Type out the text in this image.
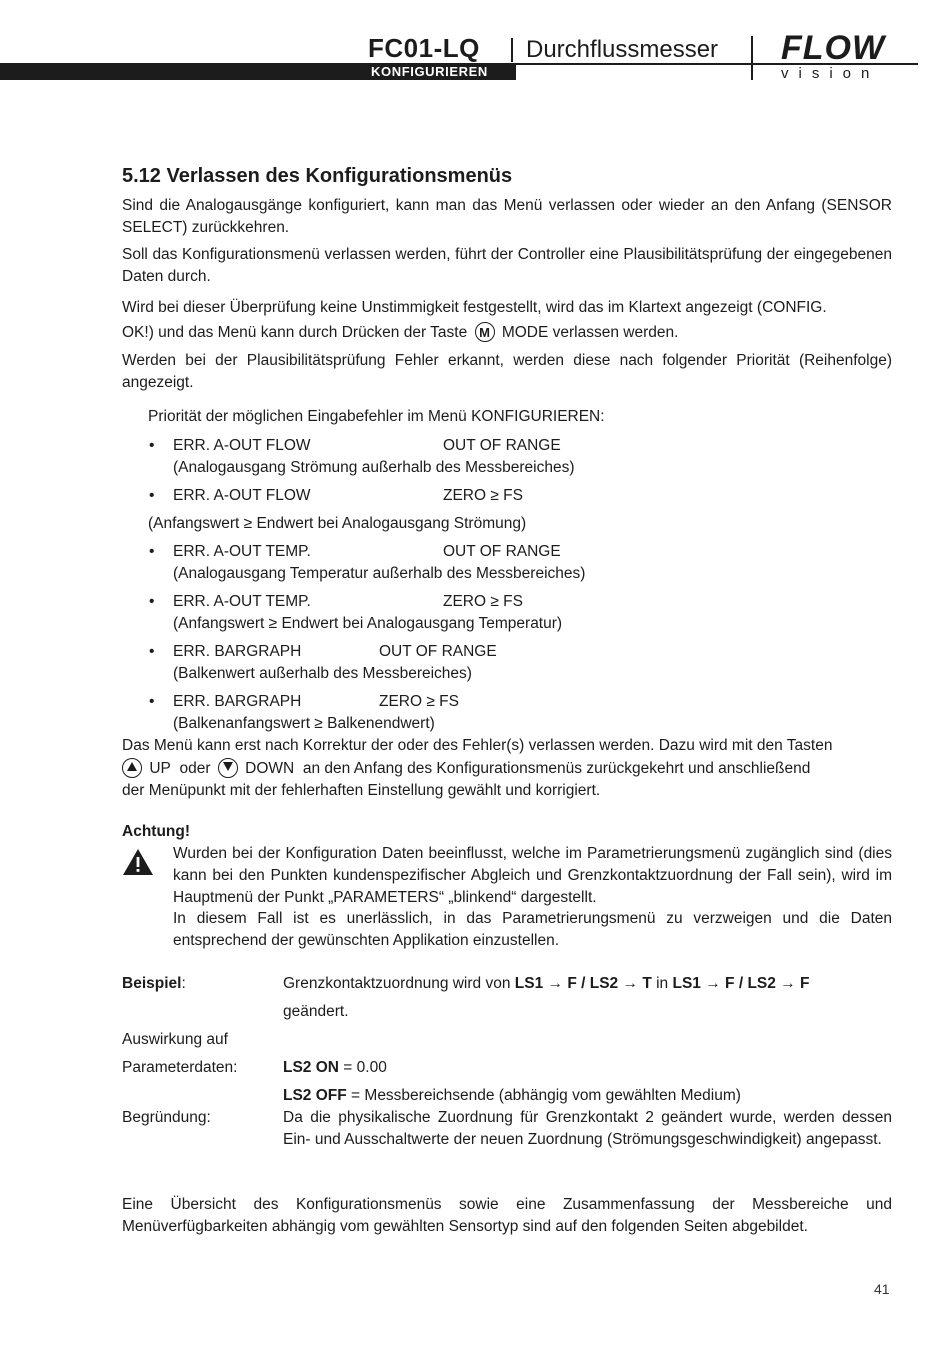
FC01-LQ Durchflussmesser
KONFIGURIEREN
FLOW
vision
5.12 Verlassen des Konfigurationsmenüs
Sind die Analogausgänge konfiguriert, kann man das Menü verlassen oder wieder an den Anfang (SENSOR SELECT) zurückkehren.
Soll das Konfigurationsmenü verlassen werden, führt der Controller eine Plausibilitätsprüfung der eingegebenen Daten durch.
Wird bei dieser Überprüfung keine Unstimmigkeit festgestellt, wird das im Klartext angezeigt (CONFIG.
OK!) und das Menü kann durch Drücken der Taste M MODE verlassen werden.
Werden bei der Plausibilitätsprüfung Fehler erkannt, werden diese nach folgender Priorität (Reihenfolge) angezeigt.
Priorität der möglichen Eingabefehler im Menü KONFIGURIEREN:
• ERR. A-OUT FLOW	OUT OF RANGE
(Analogausgang Strömung außerhalb des Messbereiches)
• ERR. A-OUT FLOW	ZERO ≥ FS
(Anfangswert ≥ Endwert bei Analogausgang Strömung)
• ERR. A-OUT TEMP.	OUT OF RANGE
(Analogausgang Temperatur außerhalb des Messbereiches)
• ERR. A-OUT TEMP.	ZERO ≥ FS
(Anfangswert ≥ Endwert bei Analogausgang Temperatur)
• ERR. BARGRAPH	OUT OF RANGE
(Balkenwert außerhalb des Messbereiches)
• ERR. BARGRAPH	ZERO ≥ FS
(Balkenanfangswert ≥ Balkenendwert)
Das Menü kann erst nach Korrektur der oder des Fehler(s) verlassen werden. Dazu wird mit den Tasten
UP oder DOWN an den Anfang des Konfigurationsmenüs zurückgekehrt und anschließend
der Menüpunkt mit der fehlerhaften Einstellung gewählt und korrigiert.
Achtung!
Wurden bei der Konfiguration Daten beeinflusst, welche im Parametrierungsmenü zugänglich sind (dies kann bei den Punkten kundenspezifischer Abgleich und Grenzkontaktzuordnung der Fall sein), wird im Hauptmenü der Punkt „PARAMETERS“ „blinkend“ dargestellt.
In diesem Fall ist es unerlässlich, in das Parametrierungsmenü zu verzweigen und die Daten entsprechend der gewünschten Applikation einzustellen.
Beispiel:	Grenzkontaktzuordnung wird von LS1 → F / LS2 → T in LS1 → F / LS2 → F
geändert.
Auswirkung auf
Parameterdaten:	LS2 ON = 0.00
LS2 OFF = Messbereichsende (abhängig vom gewählten Medium)
Begründung:	Da die physikalische Zuordnung für Grenzkontakt 2 geändert wurde, werden dessen Ein- und Ausschaltwerte der neuen Zuordnung (Strömungsgeschwindigkeit) angepasst.
Eine Übersicht des Konfigurationsmenüs sowie eine Zusammenfassung der Messbereiche und Menüverfügbarkeiten abhängig vom gewählten Sensortyp sind auf den folgenden Seiten abgebildet.
41
